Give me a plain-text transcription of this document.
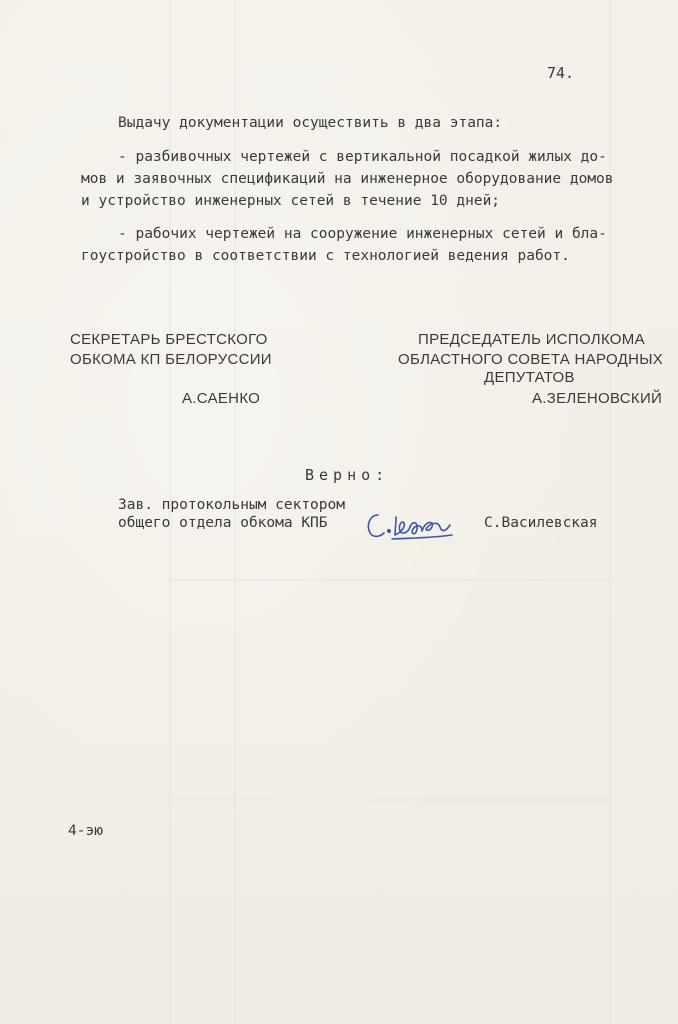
74.
Выдачу документации осуществить в два этапа:
- разбивочных чертежей с вертикальной посадкой жилых до-
мов и заявочных спецификаций на инженерное оборудование домов
и устройство инженерных сетей в течение 10 дней;
- рабочих чертежей на сооружение инженерных сетей и бла-
гоустройство в соответствии с технологией ведения работ.
СЕКРЕТАРЬ БРЕСТСКОГО
ОБКОМА КП БЕЛОРУССИИ
А.САЕНКО
ПРЕДСЕДАТЕЛЬ ИСПОЛКОМА
ОБЛАСТНОГО СОВЕТА НАРОДНЫХ
ДЕПУТАТОВ
А.ЗЕЛЕНОВСКИЙ
Верно:
Зав. протокольным сектором
общего отдела обкома КПБ	С.Василевская
4-эю
